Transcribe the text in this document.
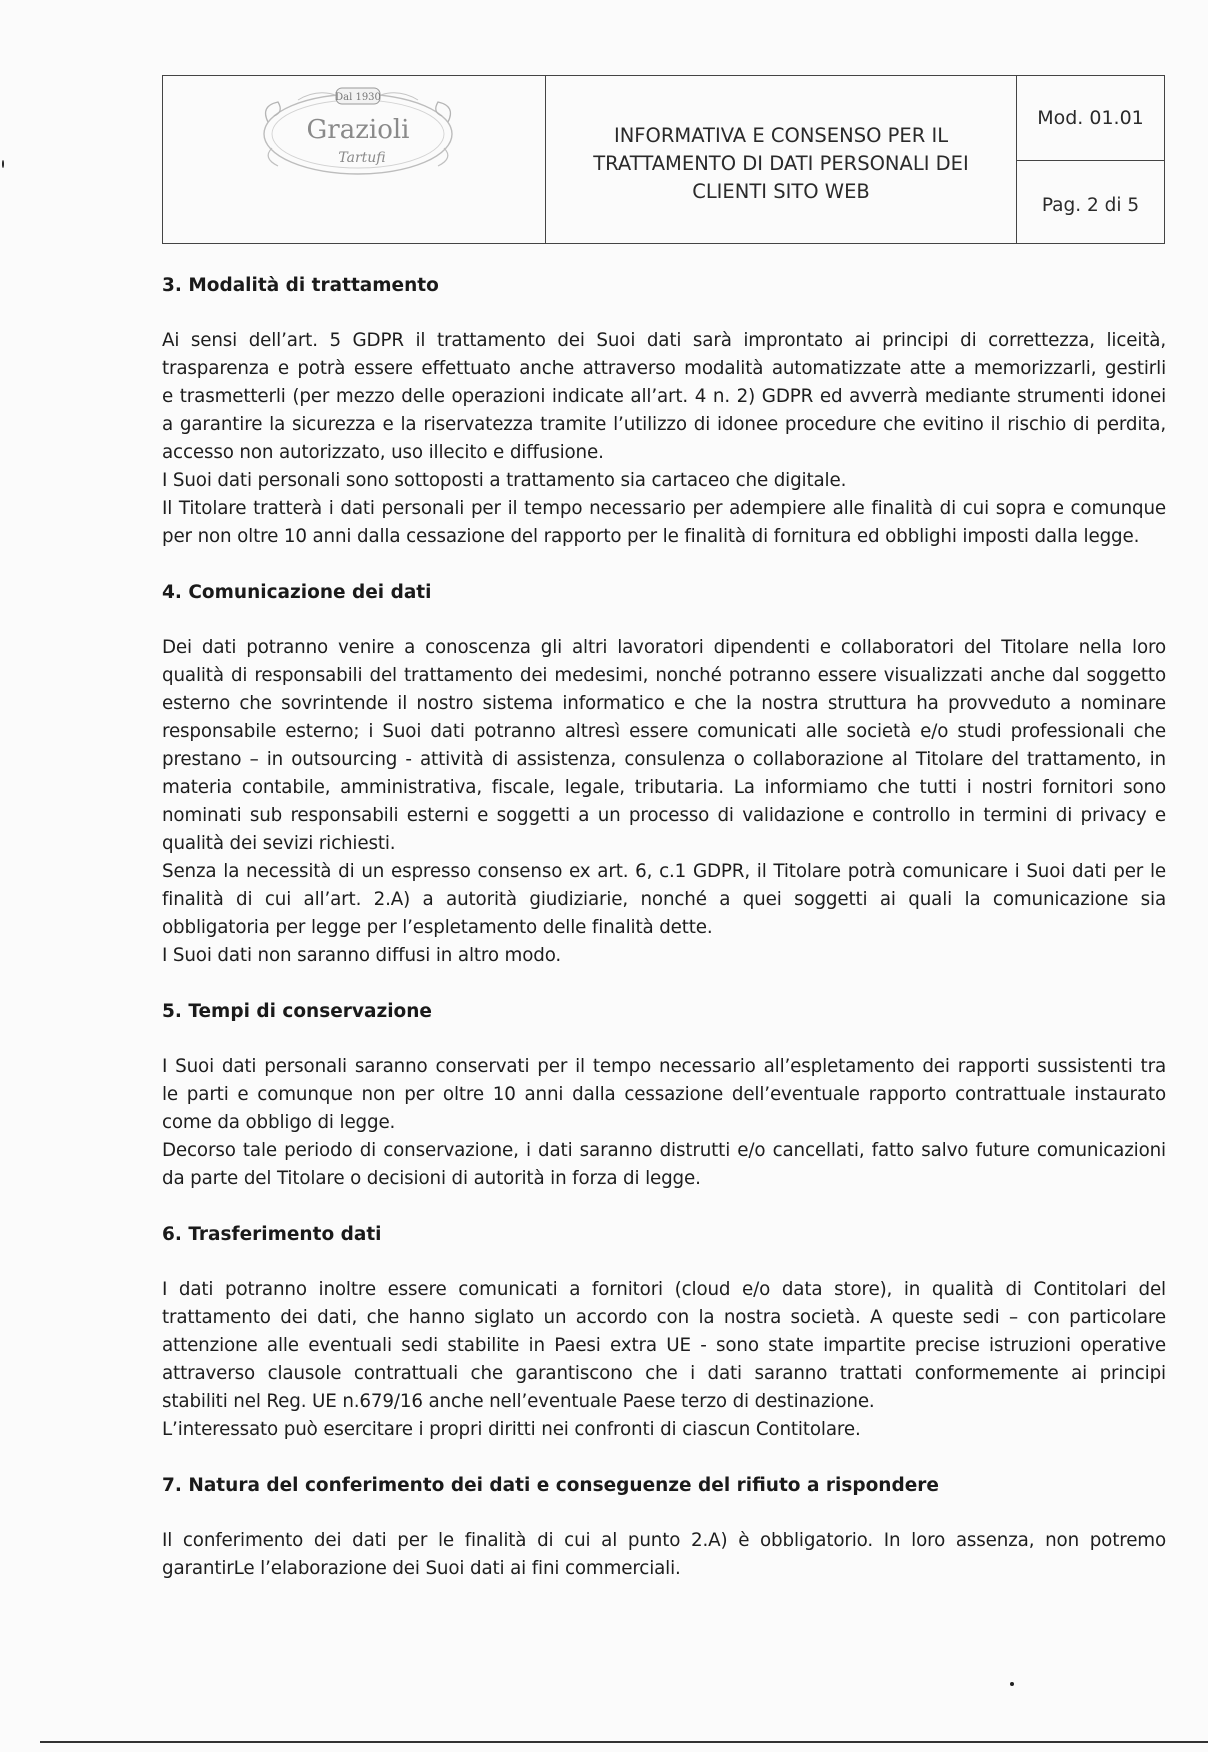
Dal 1930
Grazioli
Tartufi
INFORMATIVA E CONSENSO PER IL
TRATTAMENTO DI DATI PERSONALI DEI
CLIENTI SITO WEB
Mod. 01.01
Pag. 2 di 5
3. Modalità di trattamento
Ai sensi dell’art. 5 GDPR il trattamento dei Suoi dati sarà improntato ai principi di correttezza, liceità,
trasparenza e potrà essere effettuato anche attraverso modalità automatizzate atte a memorizzarli, gestirli
e trasmetterli (per mezzo delle operazioni indicate all’art. 4 n. 2) GDPR ed avverrà mediante strumenti idonei
a garantire la sicurezza e la riservatezza tramite l’utilizzo di idonee procedure che evitino il rischio di perdita,
accesso non autorizzato, uso illecito e diffusione.
I Suoi dati personali sono sottoposti a trattamento sia cartaceo che digitale.
Il Titolare tratterà i dati personali per il tempo necessario per adempiere alle finalità di cui sopra e comunque
per non oltre 10 anni dalla cessazione del rapporto per le finalità di fornitura ed obblighi imposti dalla legge.
4. Comunicazione dei dati
Dei dati potranno venire a conoscenza gli altri lavoratori dipendenti e collaboratori del Titolare nella loro
qualità di responsabili del trattamento dei medesimi, nonché potranno essere visualizzati anche dal soggetto
esterno che sovrintende il nostro sistema informatico e che la nostra struttura ha provveduto a nominare
responsabile esterno; i Suoi dati potranno altresì essere comunicati alle società e/o studi professionali che
prestano – in outsourcing - attività di assistenza, consulenza o collaborazione al Titolare del trattamento, in
materia contabile, amministrativa, fiscale, legale, tributaria. La informiamo che tutti i nostri fornitori sono
nominati sub responsabili esterni e soggetti a un processo di validazione e controllo in termini di privacy e
qualità dei sevizi richiesti.
Senza la necessità di un espresso consenso ex art. 6, c.1 GDPR, il Titolare potrà comunicare i Suoi dati per le
finalità di cui all’art. 2.A) a autorità giudiziarie, nonché a quei soggetti ai quali la comunicazione sia
obbligatoria per legge per l’espletamento delle finalità dette.
I Suoi dati non saranno diffusi in altro modo.
5. Tempi di conservazione
I Suoi dati personali saranno conservati per il tempo necessario all’espletamento dei rapporti sussistenti tra
le parti e comunque non per oltre 10 anni dalla cessazione dell’eventuale rapporto contrattuale instaurato
come da obbligo di legge.
Decorso tale periodo di conservazione, i dati saranno distrutti e/o cancellati, fatto salvo future comunicazioni
da parte del Titolare o decisioni di autorità in forza di legge.
6. Trasferimento dati
I dati potranno inoltre essere comunicati a fornitori (cloud e/o data store), in qualità di Contitolari del
trattamento dei dati, che hanno siglato un accordo con la nostra società. A queste sedi – con particolare
attenzione alle eventuali sedi stabilite in Paesi extra UE - sono state impartite precise istruzioni operative
attraverso clausole contrattuali che garantiscono che i dati saranno trattati conformemente ai principi
stabiliti nel Reg. UE n.679/16 anche nell’eventuale Paese terzo di destinazione.
L’interessato può esercitare i propri diritti nei confronti di ciascun Contitolare.
7. Natura del conferimento dei dati e conseguenze del rifiuto a rispondere
Il conferimento dei dati per le finalità di cui al punto 2.A) è obbligatorio. In loro assenza, non potremo
garantirLe l’elaborazione dei Suoi dati ai fini commerciali.
